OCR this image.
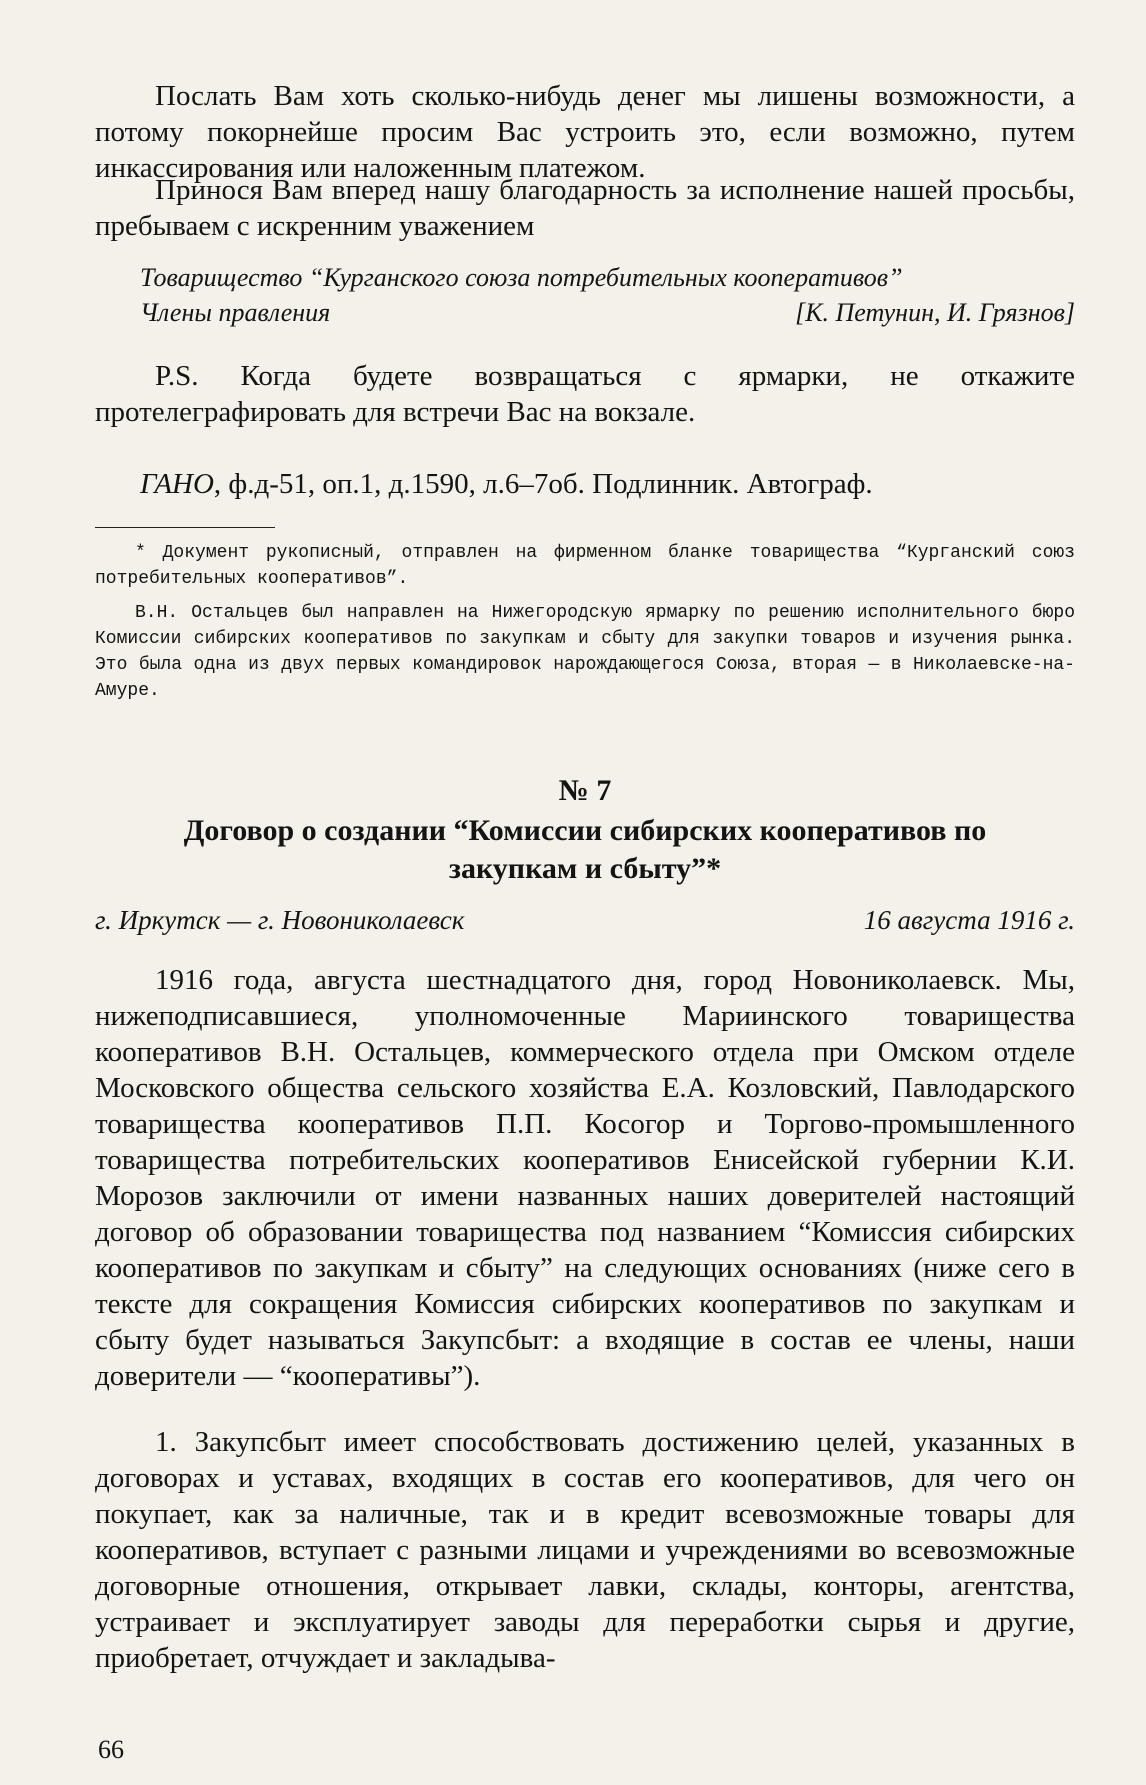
Послать Вам хоть сколько-нибудь денег мы лишены возможности, а потому покорнейше просим Вас устроить это, если возможно, путем инкассирования или наложенным платежом.

Принося Вам вперед нашу благодарность за исполнение нашей просьбы, пребываем с искренним уважением

Товарищество “Курганского союза потребительных кооперативов”
Члены правления	[К. Петунин, И. Грязнов]

P.S. Когда будете возвращаться с ярмарки, не откажите протелеграфировать для встречи Вас на вокзале.

ГАНО, ф.д-51, оп.1, д.1590, л.6–7об. Подлинник. Автограф.

* Документ рукописный, отправлен на фирменном бланке товарищества “Курганский союз потребительных кооперативов”.

В.Н. Остальцев был направлен на Нижегородскую ярмарку по решению исполнительного бюро Комиссии сибирских кооперативов по закупкам и сбыту для закупки товаров и изучения рынка. Это была одна из двух первых командировок нарождающегося Союза, вторая — в Николаевске-на-Амуре.

№ 7
Договор о создании “Комиссии сибирских кооперативов по
закупкам и сбыту”*
г. Иркутск — г. Новониколаевск	16 августа 1916 г.

1916 года, августа шестнадцатого дня, город Новониколаевск. Мы, нижеподписавшиеся, уполномоченные Мариинского товарищества кооперативов В.Н. Остальцев, коммерческого отдела при Омском отделе Московского общества сельского хозяйства Е.А. Козловский, Павлодарского товарищества кооперативов П.П. Косогор и Торгово-промышленного товарищества потребительских кооперативов Енисейской губернии К.И. Морозов заключили от имени названных наших доверителей настоящий договор об образовании товарищества под названием “Комиссия сибирских кооперативов по закупкам и сбыту” на следующих основаниях (ниже сего в тексте для сокращения Комиссия сибирских кооперативов по закупкам и сбыту будет называться Закупсбыт: а входящие в состав ее члены, наши доверители — “кооперативы”).

1. Закупсбыт имеет способствовать достижению целей, указанных в договорах и уставах, входящих в состав его кооперативов, для чего он покупает, как за наличные, так и в кредит всевозможные товары для кооперативов, вступает с разными лицами и учреждениями во всевозможные договорные отношения, открывает лавки, склады, конторы, агентства, устраивает и эксплуатирует заводы для переработки сырья и другие, приобретает, отчуждает и закладыва-

66
